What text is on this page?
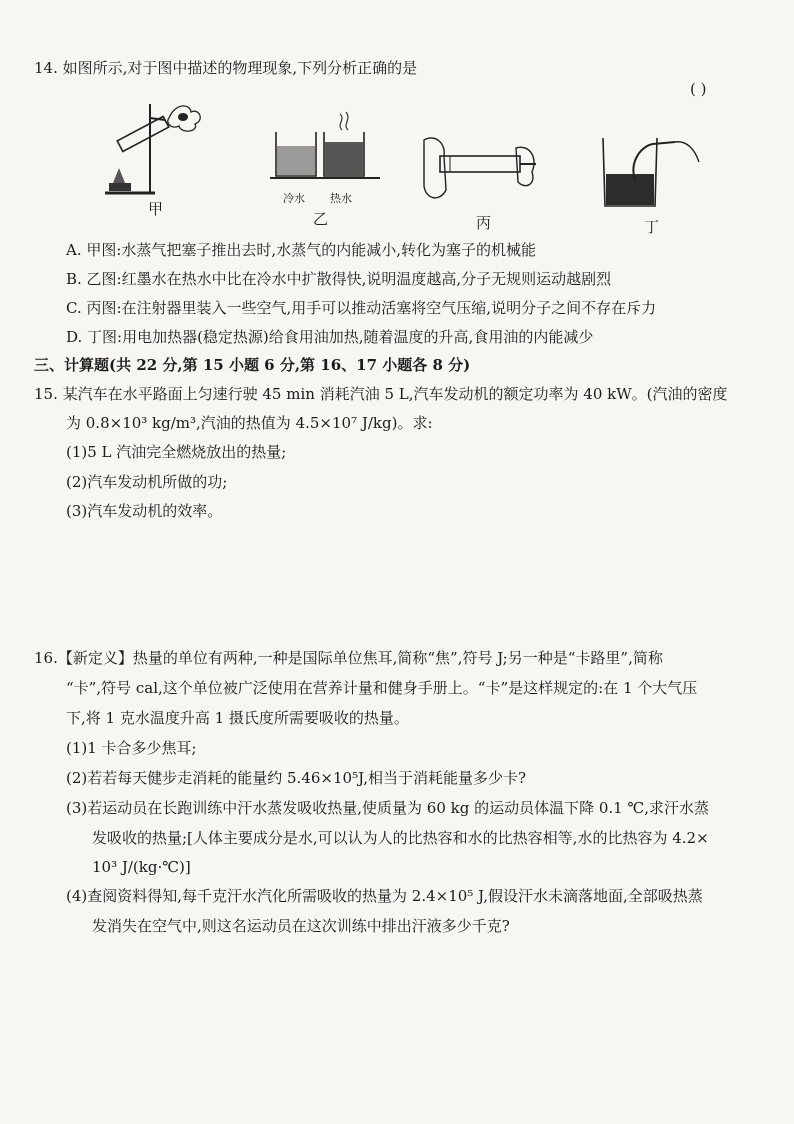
14. 如图所示,对于图中描述的物理现象,下列分析正确的是
( )
甲
冷水 热水
乙	丙	丁
A. 甲图:水蒸气把塞子推出去时,水蒸气的内能减小,转化为塞子的机械能
B. 乙图:红墨水在热水中比在冷水中扩散得快,说明温度越高,分子无规则运动越剧烈
C. 丙图:在注射器里装入一些空气,用手可以推动活塞将空气压缩,说明分子之间不存在斥力
D. 丁图:用电加热器(稳定热源)给食用油加热,随着温度的升高,食用油的内能减少
三、计算题(共 22 分,第 15 小题 6 分,第 16、17 小题各 8 分)
15. 某汽车在水平路面上匀速行驶 45 min 消耗汽油 5 L,汽车发动机的额定功率为 40 kW。(汽油的密度
为 0.8×10³ kg/m³,汽油的热值为 4.5×10⁷ J/kg)。求:
(1)5 L 汽油完全燃烧放出的热量;
(2)汽车发动机所做的功;
(3)汽车发动机的效率。
16.【新定义】热量的单位有两种,一种是国际单位焦耳,简称“焦”,符号 J;另一种是“卡路里”,简称
“卡”,符号 cal,这个单位被广泛使用在营养计量和健身手册上。“卡”是这样规定的:在 1 个大气压
下,将 1 克水温度升高 1 摄氏度所需要吸收的热量。
(1)1 卡合多少焦耳;
(2)若若每天健步走消耗的能量约 5.46×10⁵J,相当于消耗能量多少卡?
(3)若运动员在长跑训练中汗水蒸发吸收热量,使质量为 60 kg 的运动员体温下降 0.1 ℃,求汗水蒸
发吸收的热量;[人体主要成分是水,可以认为人的比热容和水的比热容相等,水的比热容为 4.2×
10³ J/(kg·℃)]
(4)查阅资料得知,每千克汗水汽化所需吸收的热量为 2.4×10⁵ J,假设汗水未滴落地面,全部吸热蒸
发消失在空气中,则这名运动员在这次训练中排出汗液多少千克?
